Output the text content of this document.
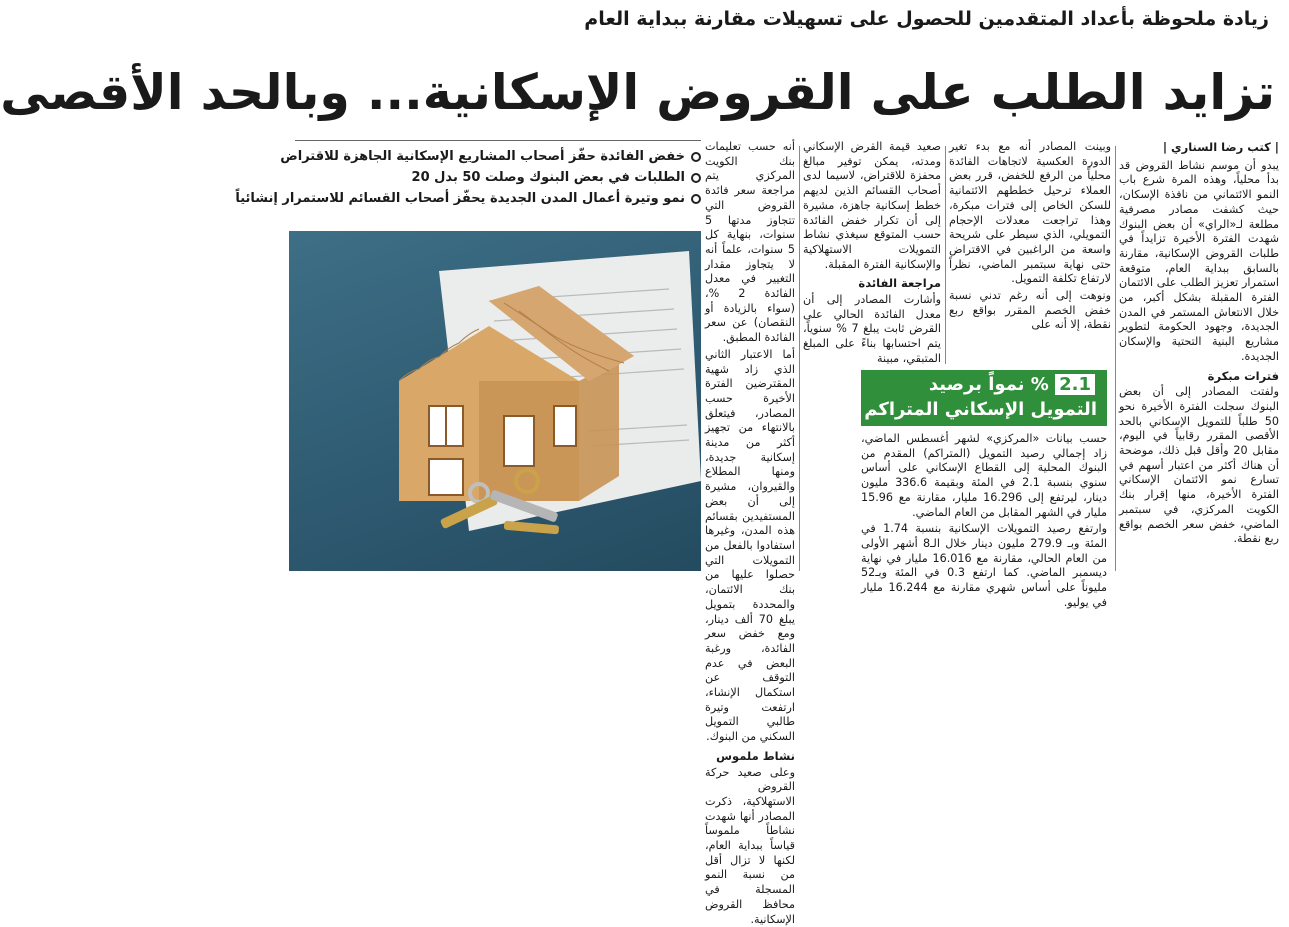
زيادة ملحوظة بأعداد المتقدمين للحصول على تسهيلات مقارنة ببداية العام
تزايد الطلب على القروض الإسكانية... وبالحد الأقصى
خفض الفائدة حفّز أصحاب المشاريع الإسكانية الجاهزة للاقتراض
الطلبات في بعض البنوك وصلت 50 بدل 20
نمو وتيرة أعمال المدن الجديدة يحفّز أصحاب القسائم للاستمرار إنشائياً
| كتب رضا السناري |

يبدو أن موسم نشاط القروض قد بدأ محلياً، وهذه المرة شرع باب النمو الائتماني من نافذة الإسكان، حيث كشفت مصادر مصرفية مطلعة لـ«الراي» أن بعض البنوك شهدت الفترة الأخيرة تزايداً في طلبات القروض الإسكانية، مقارنة بالسابق ببداية العام، متوقعة استمرار تعزيز الطلب على الائتمان الفترة المقبلة بشكل أكبر، من خلال الانتعاش المستمر في المدن الجديدة، وجهود الحكومة لتطوير مشاريع البنية التحتية والإسكان الجديدة.

فترات مبكرة

ولفتت المصادر إلى أن بعض البنوك سجلت الفترة الأخيرة نحو 50 طلباً للتمويل الإسكاني بالحد الأقصى المقرر رقابياً في اليوم، مقابل 20 وأقل قبل ذلك، موضحة أن هناك أكثر من اعتبار أسهم في تسارع نمو الائتمان الإسكاني الفترة الأخيرة، منها إقرار بنك الكويت المركزي، في سبتمبر الماضي، خفض سعر الخصم بواقع ربع نقطة.

وبينت المصادر أنه مع بدء تغير الدورة العكسية لاتجاهات الفائدة محلياً من الرفع للخفض، قرر بعض العملاء ترحيل خططهم الائتمانية للسكن الخاص إلى فترات مبكرة، وهذا تراجعت معدلات الإحجام التمويلي، الذي سيطر على شريحة واسعة من الراغبين في الاقتراض حتى نهاية سبتمبر الماضي، نظراً لارتفاع تكلفة التمويل.

ونوهت إلى أنه رغم تدني نسبة خفض الخصم المقرر بواقع ربع نقطة، إلا أنه على

صعيد قيمة القرض الإسكاني ومدته، يمكن توفير مبالغ محفزة للاقتراض، لاسيما لدى أصحاب القسائم الذين لديهم خطط إسكانية جاهزة، مشيرة إلى أن تكرار خفض الفائدة حسب المتوقع سيغذي نشاط التمويلات الاستهلاكية والإسكانية الفترة المقبلة.

مراجعة الفائدة

وأشارت المصادر إلى أن معدل الفائدة الحالي على القرض ثابت يبلغ 7 % سنوياً، يتم احتسابها بناءً على المبلغ المتبقي، مبينة

أنه حسب تعليمات بنك الكويت المركزي يتم مراجعة سعر فائدة القروض التي تتجاوز مدتها 5 سنوات، بنهاية كل 5 سنوات، علماً أنه لا يتجاوز مقدار التغيير في معدل الفائدة 2 %، (سواء بالزيادة أو النقصان) عن سعر الفائدة المطبق.

أما الاعتبار الثاني الذي زاد شهية المقترضين الفترة الأخيرة حسب المصادر، فيتعلق بالانتهاء من تجهيز أكثر من مدينة إسكانية جديدة، ومنها المطلاع والقيروان، مشيرة إلى أن بعض المستفيدين بقسائم هذه المدن، وغيرها استفادوا بالفعل من التمويلات التي حصلوا عليها من بنك الائتمان، والمحددة بتمويل يبلغ 70 ألف دينار، ومع خفض سعر الفائدة، ورغبة البعض في عدم التوقف عن استكمال الإنشاء، ارتفعت وتيرة طالبي التمويل السكني من البنوك.

نشاط ملموس

وعلى صعيد حركة القروض الاستهلاكية، ذكرت المصادر أنها شهدت نشاطاً ملموساً قياساً ببداية العام، لكنها لا تزال أقل من نسبة النمو المسجلة في محافظ القروض الإسكانية.

2.1 % نمواً برصيد
التمويل الإسكاني المتراكم

حسب بيانات «المركزي» لشهر أغسطس الماضي، زاد إجمالي رصيد التمويل (المتراكم) المقدم من البنوك المحلية إلى القطاع الإسكاني على أساس سنوي بنسبة 2.1 في المئة وبقيمة 336.6 مليون دينار، ليرتفع إلى 16.296 مليار، مقارنة مع 15.96 مليار في الشهر المقابل من العام الماضي.

وارتفع رصيد التمويلات الإسكانية بنسبة 1.74 في المئة وبـ 279.9 مليون دينار خلال الـ8 أشهر الأولى من العام الحالي، مقارنة مع 16.016 مليار في نهاية ديسمبر الماضي. كما ارتفع 0.3 في المئة وبـ52 مليوناً على أساس شهري مقارنة مع 16.244 مليار في يوليو.
